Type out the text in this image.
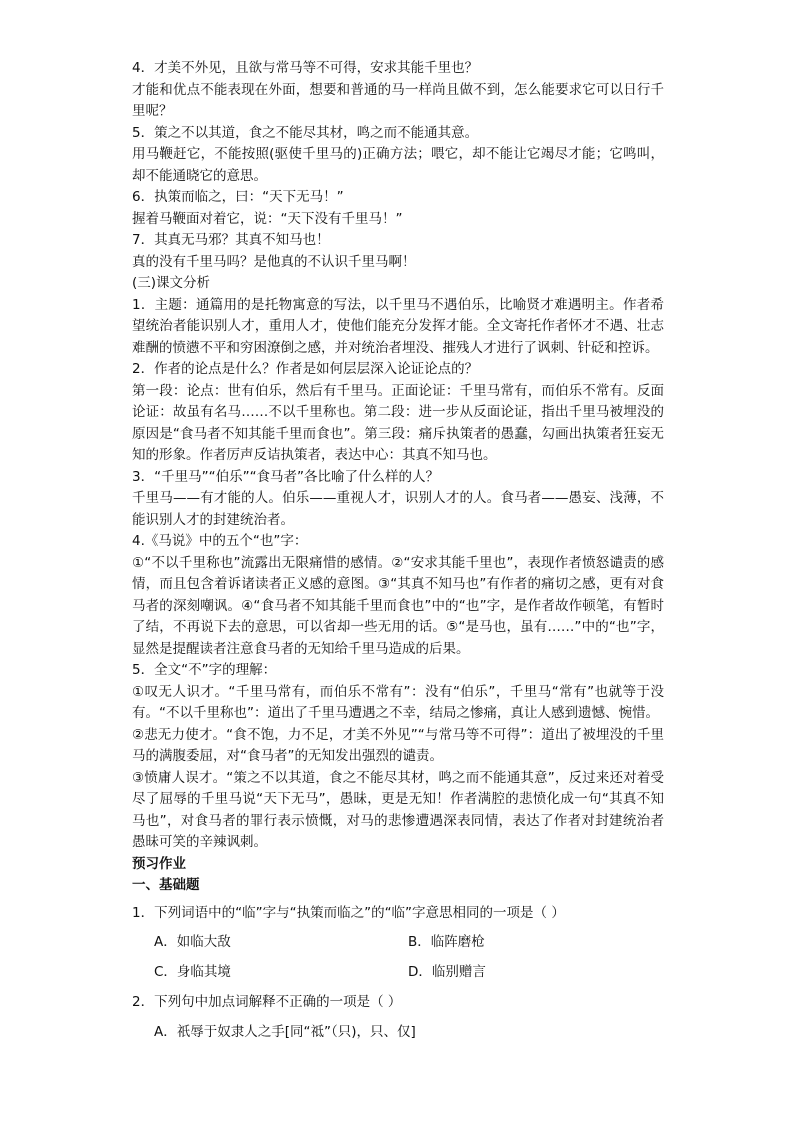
4．才美不外见，且欲与常马等不可得，安求其能千里也？

才能和优点不能表现在外面，想要和普通的马一样尚且做不到，怎么能要求它可以日行千里呢？

5．策之不以其道，食之不能尽其材，鸣之而不能通其意。

用马鞭赶它，不能按照(驱使千里马的)正确方法；喂它，却不能让它竭尽才能；它鸣叫，却不能通晓它的意思。

6．执策而临之，曰：“天下无马！”

握着马鞭面对着它，说：“天下没有千里马！”

7．其真无马邪？其真不知马也！

真的没有千里马吗？是他真的不认识千里马啊！

(三)课文分析

1．主题：通篇用的是托物寓意的写法，以千里马不遇伯乐，比喻贤才难遇明主。作者希望统治者能识别人才，重用人才，使他们能充分发挥才能。全文寄托作者怀才不遇、壮志难酬的愤懑不平和穷困潦倒之感，并对统治者埋没、摧残人才进行了讽刺、针砭和控诉。

2．作者的论点是什么？作者是如何层层深入论证论点的？

第一段：论点：世有伯乐，然后有千里马。正面论证：千里马常有，而伯乐不常有。反面论证：故虽有名马……不以千里称也。第二段：进一步从反面论证，指出千里马被埋没的原因是“食马者不知其能千里而食也”。第三段：痛斥执策者的愚蠢，勾画出执策者狂妄无知的形象。作者厉声反诘执策者，表达中心：其真不知马也。

3．“千里马”“伯乐”“食马者”各比喻了什么样的人？

千里马——有才能的人。伯乐——重视人才，识别人才的人。食马者——愚妄、浅薄，不能识别人才的封建统治者。

4.《马说》中的五个“也”字：

①“不以千里称也”流露出无限痛惜的感情。②“安求其能千里也”，表现作者愤怒谴责的感情，而且包含着诉诸读者正义感的意图。③“其真不知马也”有作者的痛切之感，更有对食马者的深刻嘲讽。④“食马者不知其能千里而食也”中的“也”字，是作者故作顿笔，有暂时了结，不再说下去的意思，可以省却一些无用的话。⑤“是马也，虽有……”中的“也”字，显然是提醒读者注意食马者的无知给千里马造成的后果。

5．全文“不”字的理解：

①叹无人识才。“千里马常有，而伯乐不常有”：没有“伯乐”，千里马“常有”也就等于没有。“不以千里称也”：道出了千里马遭遇之不幸，结局之惨痛，真让人感到遗憾、惋惜。

②悲无力使才。“食不饱，力不足，才美不外见”“与常马等不可得”：道出了被埋没的千里马的满腹委屈，对“食马者”的无知发出强烈的谴责。

③愤庸人误才。“策之不以其道，食之不能尽其材，鸣之而不能通其意”，反过来还对着受尽了屈辱的千里马说“天下无马”，愚昧，更是无知！作者满腔的悲愤化成一句“其真不知马也”，对食马者的罪行表示愤慨，对马的悲惨遭遇深表同情，表达了作者对封建统治者愚昧可笑的辛辣讽刺。

预习作业

一、基础题

1．下列词语中的“临”字与“执策而临之”的“临”字意思相同的一项是（ ）

A．如临大敌	B．临阵磨枪
C．身临其境	D．临别赠言

2．下列句中加点词解释不正确的一项是（ ）

A．祇辱于奴隶人之手[同“祗”（只)，只、仅]
